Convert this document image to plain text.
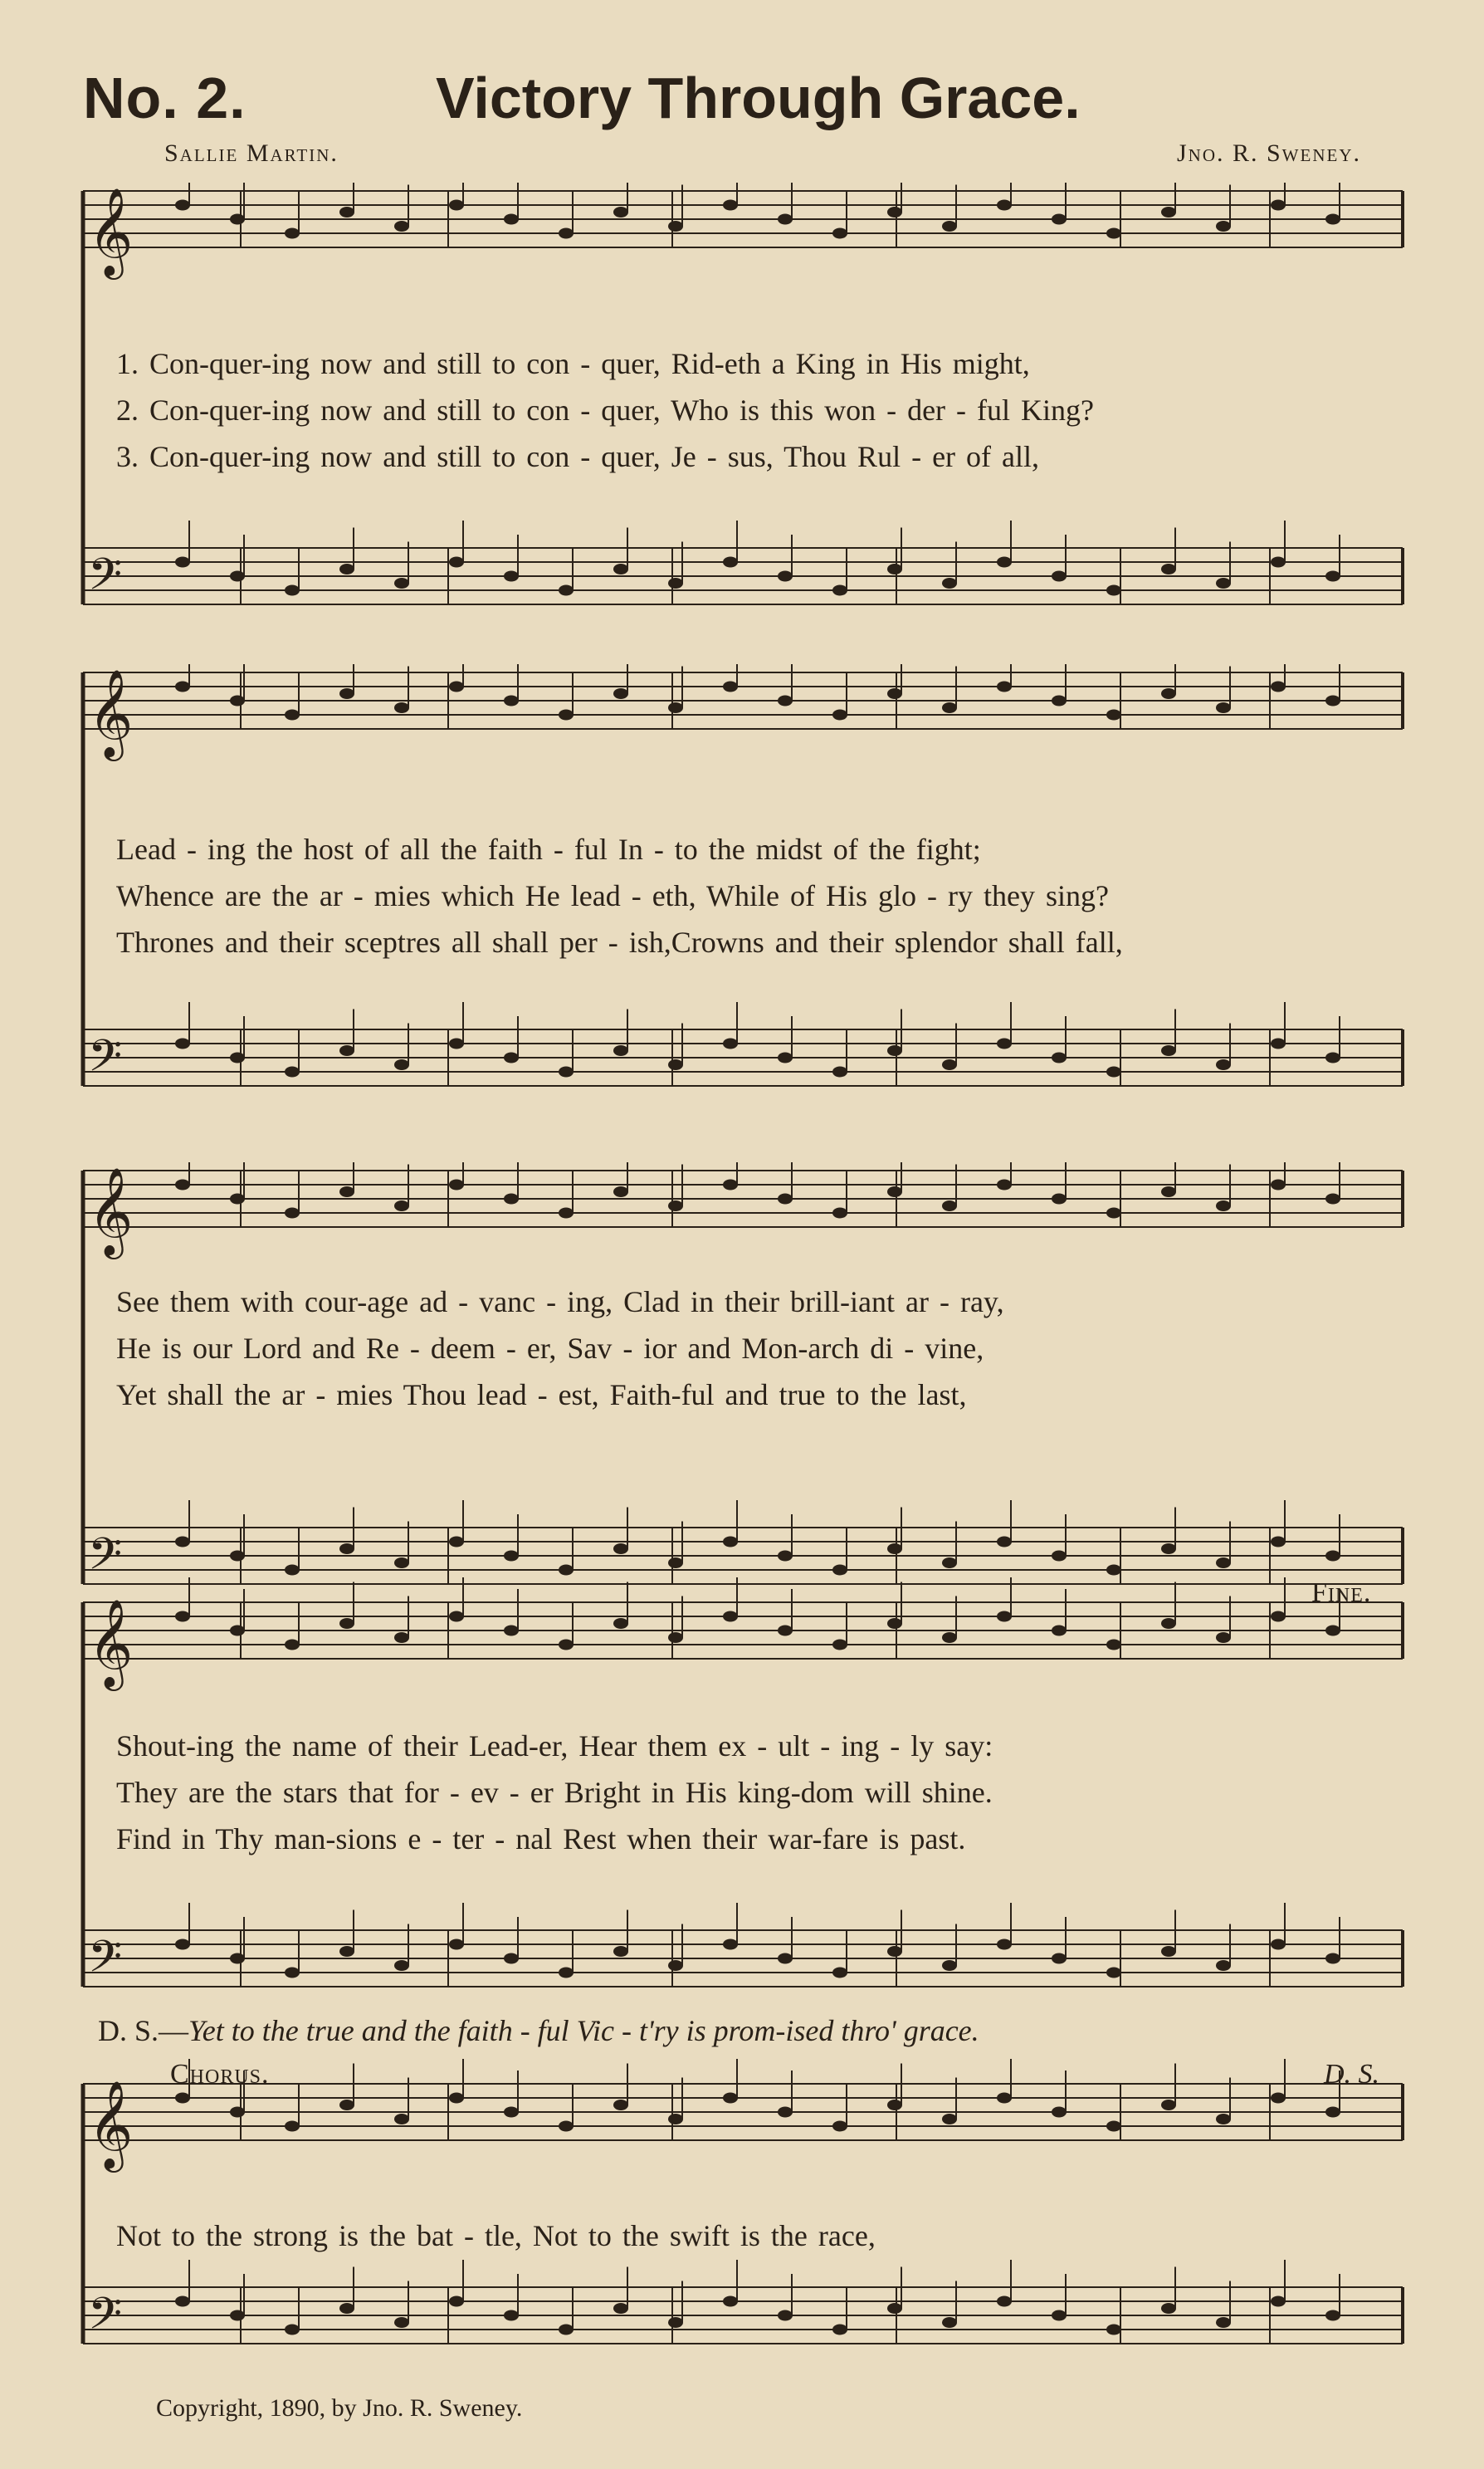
No. 2.	Victory Through Grace.
Sallie Martin.	Jno. R. Sweney.
𝄞
𝄢
1. Con-quer-ing now and still to con - quer, Rid-eth a King in His might,
2. Con-quer-ing now and still to con - quer, Who is this won - der - ful King?
3. Con-quer-ing now and still to con - quer, Je - sus, Thou Rul - er of all,
𝄞
𝄢
Lead - ing the host of all the faith - ful In - to the midst of the fight;
Whence are the ar - mies which He lead - eth, While of His glo - ry they sing?
Thrones and their sceptres all shall per - ish,Crowns and their splendor shall fall,
𝄞
𝄢
See them with cour-age ad - vanc - ing, Clad in their brill-iant ar - ray,
He is our Lord and Re - deem - er, Sav - ior and Mon-arch di - vine,
Yet shall the ar - mies Thou lead - est, Faith-ful and true to the last,
𝄞
𝄢
Fine.
Shout-ing the name of their Lead-er, Hear them ex - ult - ing - ly say:
They are the stars that for - ev - er Bright in His king-dom will shine.
Find in Thy man-sions e - ter - nal Rest when their war-fare is past.
D. S.—Yet to the true and the faith - ful Vic - t'ry is prom-ised thro' grace.
𝄞
𝄢
Chorus.	D. S.
Not to the strong is the bat - tle, Not to the swift is the race,
Copyright, 1890, by Jno. R. Sweney.
